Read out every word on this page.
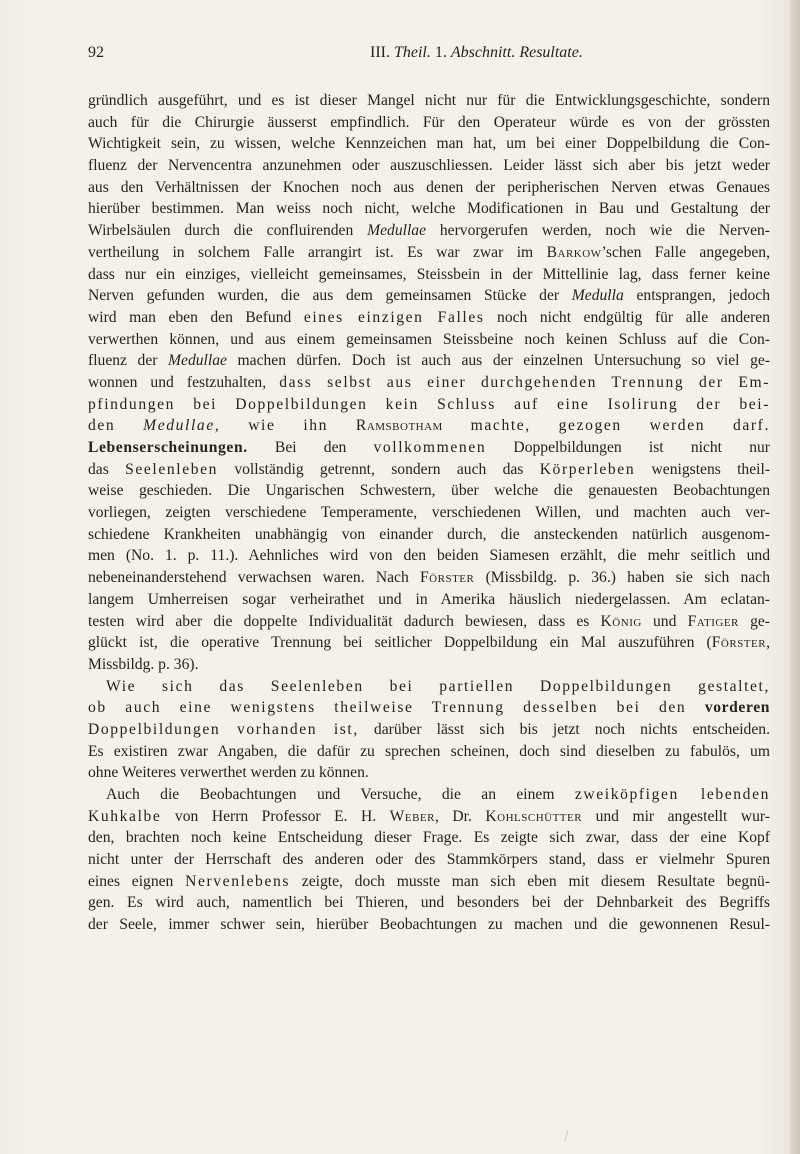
92	III. Theil. 1. Abschnitt. Resultate.
gründlich ausgeführt, und es ist dieser Mangel nicht nur für die Entwicklungsgeschichte, sondern
auch für die Chirurgie äusserst empfindlich. Für den Operateur würde es von der grössten
Wichtigkeit sein, zu wissen, welche Kennzeichen man hat, um bei einer Doppelbildung die Con-
fluenz der Nervencentra anzunehmen oder auszuschliessen. Leider lässt sich aber bis jetzt weder
aus den Verhältnissen der Knochen noch aus denen der peripherischen Nerven etwas Genaues
hierüber bestimmen. Man weiss noch nicht, welche Modificationen in Bau und Gestaltung der
Wirbelsäulen durch die confluirenden Medullae hervorgerufen werden, noch wie die Nerven-
vertheilung in solchem Falle arrangirt ist. Es war zwar im Barkow’schen Falle angegeben,
dass nur ein einziges, vielleicht gemeinsames, Steissbein in der Mittellinie lag, dass ferner keine
Nerven gefunden wurden, die aus dem gemeinsamen Stücke der Medulla entsprangen, jedoch
wird man eben den Befund eines einzigen Falles noch nicht endgültig für alle anderen
verwerthen können, und aus einem gemeinsamen Steissbeine noch keinen Schluss auf die Con-
fluenz der Medullae machen dürfen. Doch ist auch aus der einzelnen Untersuchung so viel ge-
wonnen und festzuhalten, dass selbst aus einer durchgehenden Trennung der Em-
pfindungen bei Doppelbildungen kein Schluss auf eine Isolirung der bei-
den Medullae, wie ihn Ramsbotham machte, gezogen werden darf.
Lebenserscheinungen. Bei den vollkommenen Doppelbildungen ist nicht nur
das Seelenleben vollständig getrennt, sondern auch das Körperleben wenigstens theil-
weise geschieden. Die Ungarischen Schwestern, über welche die genauesten Beobachtungen
vorliegen, zeigten verschiedene Temperamente, verschiedenen Willen, und machten auch ver-
schiedene Krankheiten unabhängig von einander durch, die ansteckenden natürlich ausgenom-
men (No. 1. p. 11.). Aehnliches wird von den beiden Siamesen erzählt, die mehr seitlich und
nebeneinanderstehend verwachsen waren. Nach Förster (Missbildg. p. 36.) haben sie sich nach
langem Umherreisen sogar verheirathet und in Amerika häuslich niedergelassen. Am eclatan-
testen wird aber die doppelte Individualität dadurch bewiesen, dass es König und Fatiger ge-
glückt ist, die operative Trennung bei seitlicher Doppelbildung ein Mal auszuführen (Förster,
Missbildg. p. 36).
Wie sich das Seelenleben bei partiellen Doppelbildungen gestaltet,
ob auch eine wenigstens theilweise Trennung desselben bei den vorderen
Doppelbildungen vorhanden ist, darüber lässt sich bis jetzt noch nichts entscheiden.
Es existiren zwar Angaben, die dafür zu sprechen scheinen, doch sind dieselben zu fabulös, um
ohne Weiteres verwerthet werden zu können.
Auch die Beobachtungen und Versuche, die an einem zweiköpfigen lebenden
Kuhkalbe von Herrn Professor E. H. Weber, Dr. Kohlschütter und mir angestellt wur-
den, brachten noch keine Entscheidung dieser Frage. Es zeigte sich zwar, dass der eine Kopf
nicht unter der Herrschaft des anderen oder des Stammkörpers stand, dass er vielmehr Spuren
eines eignen Nervenlebens zeigte, doch musste man sich eben mit diesem Resultate begnü-
gen. Es wird auch, namentlich bei Thieren, und besonders bei der Dehnbarkeit des Begriffs
der Seele, immer schwer sein, hierüber Beobachtungen zu machen und die gewonnenen Resul-
